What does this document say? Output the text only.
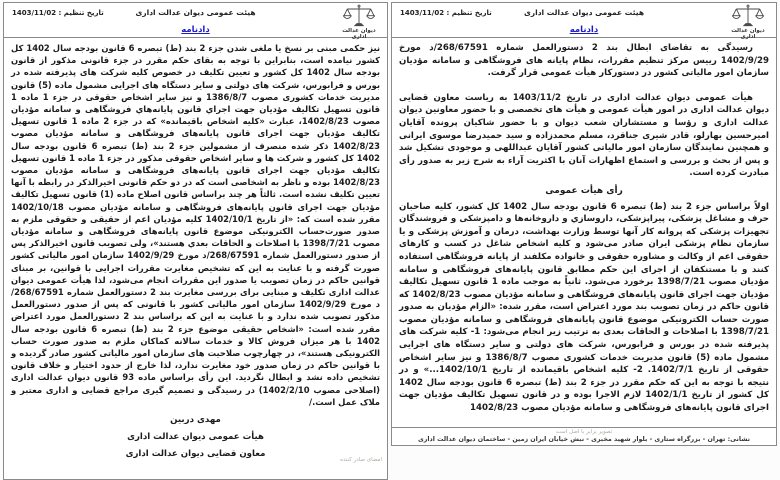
تاریخ تنظیم : 1403/11/02	هیئت عمومی دیوان عدالت اداری
دادنامه	دیوان عدالت اداری

رسیدگی به تقاضای ابطال بند 2 دستورالعمل شماره 268/67591/د مورخ 1402/9/29 رییس مرکز تنظیم مقررات، نظام پایانه های فروشگاهی و سامانه مؤدیان سازمان امور مالیاتی کشور در دستورکار هیأت عمومی قرار گرفت.

هیأت عمومی دیوان عدالت اداری در تاریخ 1403/11/2 به ریاست معاون قضایی دیوان عدالت اداری در امور هیأت عمومی و هیأت های تخصصی و با حضور معاونین دیوان عدالت اداری و رؤسا و مستشاران شعب دیوان و با حضور شاکیان پرونده آقایان امیرحسین بهارلو، قادر شیری جناقرد، مسلم محمدزاده و سید حمیدرضا موسوی ایرانی و همچنین نمایندگان سازمان امور مالیاتی کشور آقایان عبداللهی و موجودی تشکیل شد و پس از بحث و بررسی و استماع اظهارات آنان با اکثریت آراء به شرح زیر به صدور رأی مبادرت کرده است.

رأی هیأت عمومی

اولاً براساس جزء 2 بند (ط) تبصره 6 قانون بودجه سال 1402 کل کشور، کلیه صاحبان حرف و مشاغل پزشکی، پیراپزشکی، داروسازي و داروخانه‌ها و دامپزشکی و فروشندگان تجهیزات پزشکی که پروانه کار آنها توسط وزارت بهداشت، درمان و آموزش پزشکی و یا سازمان نظام پزشکی ایران صادر می‌شود و کلیه اشخاص شاغل در کسب و کارهای حقوقی اعم از وکالت و مشاوره حقوقی و خانواده مکلفند از پایانه فروشگاهی استفاده کنند و با مستنکفان از اجرای این حکم مطابق قانون پایانه‌های فروشگاهی و سامانه مؤدیان مصوب 1398/7/21 برخورد می‌شود. ثانیاً به موجب ماده 1 قانون تسهیل تکالیف مؤدیان جهت اجرای قانون پایانه‌های فروشگاهی و سامانه مؤدیان مصوب 1402/8/23 که قانون حاکم در زمان تصویب بند مورد اعتراض است، مقرر شده: «الزام مؤدیان به صدور صورت حساب الکترونیکی موضوع قانون پایانه‌های فروشگاهی و سامانه مؤدیان مصوب 1398/7/21 با اصلاحات و الحاقات بعدی به ترتیب زیر انجام می‌شود: 1- کلیه شرکت های پذیرفته شده در بورس و فرابورس، شرکت های دولتی و سایر دستگاه های اجرایی مشمول ماده (5) قانون مدیریت خدمات کشوری مصوب 1386/8/7 و نیز سایر اشخاص حقوقی از تاریخ 1402/7/1. 2- کلیه اشخاص باقیمانده از تاریخ 1402/10/1...» و در نتیجه با توجه به این که حکم مقرر در جزء 2 بند (ط) تبصره 6 قانون بودجه سال 1402 کل کشور از تاریخ 1402/1/1 لازم الاجرا بوده و در قانون تسهیل تکالیف مؤدیان جهت اجرای قانون پایانه‌های فروشگاهی و سامانه مؤدیان مصوب 1402/8/23

تصویر برابر با اصل است
نشانی: تهران - بزرگراه ستاری - بلوار شهید مخبری - نبش خیابان ایران زمین - ساختمان دیوان عدالت اداری
تاریخ تنظیم : 1403/11/02	هیئت عمومی دیوان عدالت اداری
دادنامه	دیوان عدالت اداری

نیز حکمی مبنی بر نسخ یا ملغی شدن جزء 2 بند (ط) تبصره 6 قانون بودجه سال 1402 کل کشور نیامده است، بنابراین با توجه به بقای حکم مقرر در جزء قانونی مذکور از قانون بودجه سال 1402 کل کشور و تعیین تکلیف در خصوص کلیه شرکت های پذیرفته شده در بورس و فرابورس، شرکت های دولتی و سایر دستگاه های اجرایی مشمول ماده (5) قانون مدیریت خدمات کشوری مصوب 1386/8/7 و نیز سایر اشخاص حقوقی در جزء 1 ماده 1 قانون تسهیل تکالیف مؤدیان جهت اجراي قانون پایانه‌هاي فروشگاهی و سامانه مؤدیان مصوب 1402/8/23، عبارت «کلیه اشخاص باقیمانده» که در جزء 2 ماده 1 قانون تسهیل تکالیف مؤدیان جهت اجرای قانون پایانه‌های فروشگاهی و سامانه مؤدیان مصوب 1402/8/23 ذکر شده منصرف از مشمولین جزء 2 بند (ط) تبصره 6 قانون بودجه سال 1402 کل کشور و شرکت ها و سایر اشخاص حقوقی مذکور در جزء 1 ماده 1 قانون تسهیل تکالیف مؤدیان جهت اجرای قانون پایانه‌های فروشگاهی و سامانه مؤدیان مصوب 1402/8/23 بوده و ناظر به اشخاصی است که در دو حکم قانونی اخیرالذکر در رابطه با آنها تعیین تکلیف نشده است. ثالثاً هر چند براساس قانون اصلاح ماده (1) قانون تسهیل تکالیف مؤدیان جهت اجرای قانون پایانه‌های فروشگاهی و سامانه مؤدیان مصوب 1402/10/18 مقرر شده است که: «از تاریخ 1402/10/1 کلیه مؤدیان اعم از حقیقی و حقوقی ملزم به صدور صورت‌حساب الکترونیکی موضوع قانون پایانه‌های فروشگاهی و سامانه مؤدیان مصوب 1398/7/21 با اصلاحات و الحاقات بعدي هستند»، ولی تصویب قانون اخیرالذکر پس از صدور دستورالعمل شماره 268/67591/د مورخ 1402/9/29 سازمان امور مالیاتی کشور صورت گرفته و با عنایت به این که تشخیص مغایرت مقررات اجرایی با قوانین، بر مبنای قوانین حاکم در زمان تصویب یا صدور این مقررات انجام می‌شود، لذا هیأت عمومی دیوان عدالت اداری تکلیف و مبنایی برای بررسی مغایرت بند 2 دستورالعمل شماره 268/67591/د مورخ 1402/9/29 سازمان امور مالیاتی کشور با قانونی که پس از صدور دستورالعمل مذکور تصویب شده ندارد و با عنایت به این که براساس بند 2 دستورالعمل مورد اعتراض مقرر شده است: «اشخاص حقیقی موضوع جزء 2 بند (ط) تبصره 6 قانون بودجه سال 1402 با هر میزان فروش کالا و خدمات سالانه کماکان ملزم به صدور صورت حساب الکترونیکی هستند»، در چهارچوب صلاحیت های سازمان امور مالیاتی کشور صادر گردیده و با قوانین حاکم در زمان صدور خود مغایرت ندارد، لذا خارج از حدود اختیار و خلاف قانون تشخیص داده نشد و ابطال نگردید. این رأی براساس ماده 93 قانون دیوان عدالت اداری (اصلاحی مصوب 1402/2/10) در رسیدگی و تصمیم گیری مراجع قضایی و اداری معتبر و ملاک عمل است./

مهدی دربین
هیأت عمومی دیوان عدالت اداری
معاون قضایی دیوان عدالت اداری
امضای صادر کننده
